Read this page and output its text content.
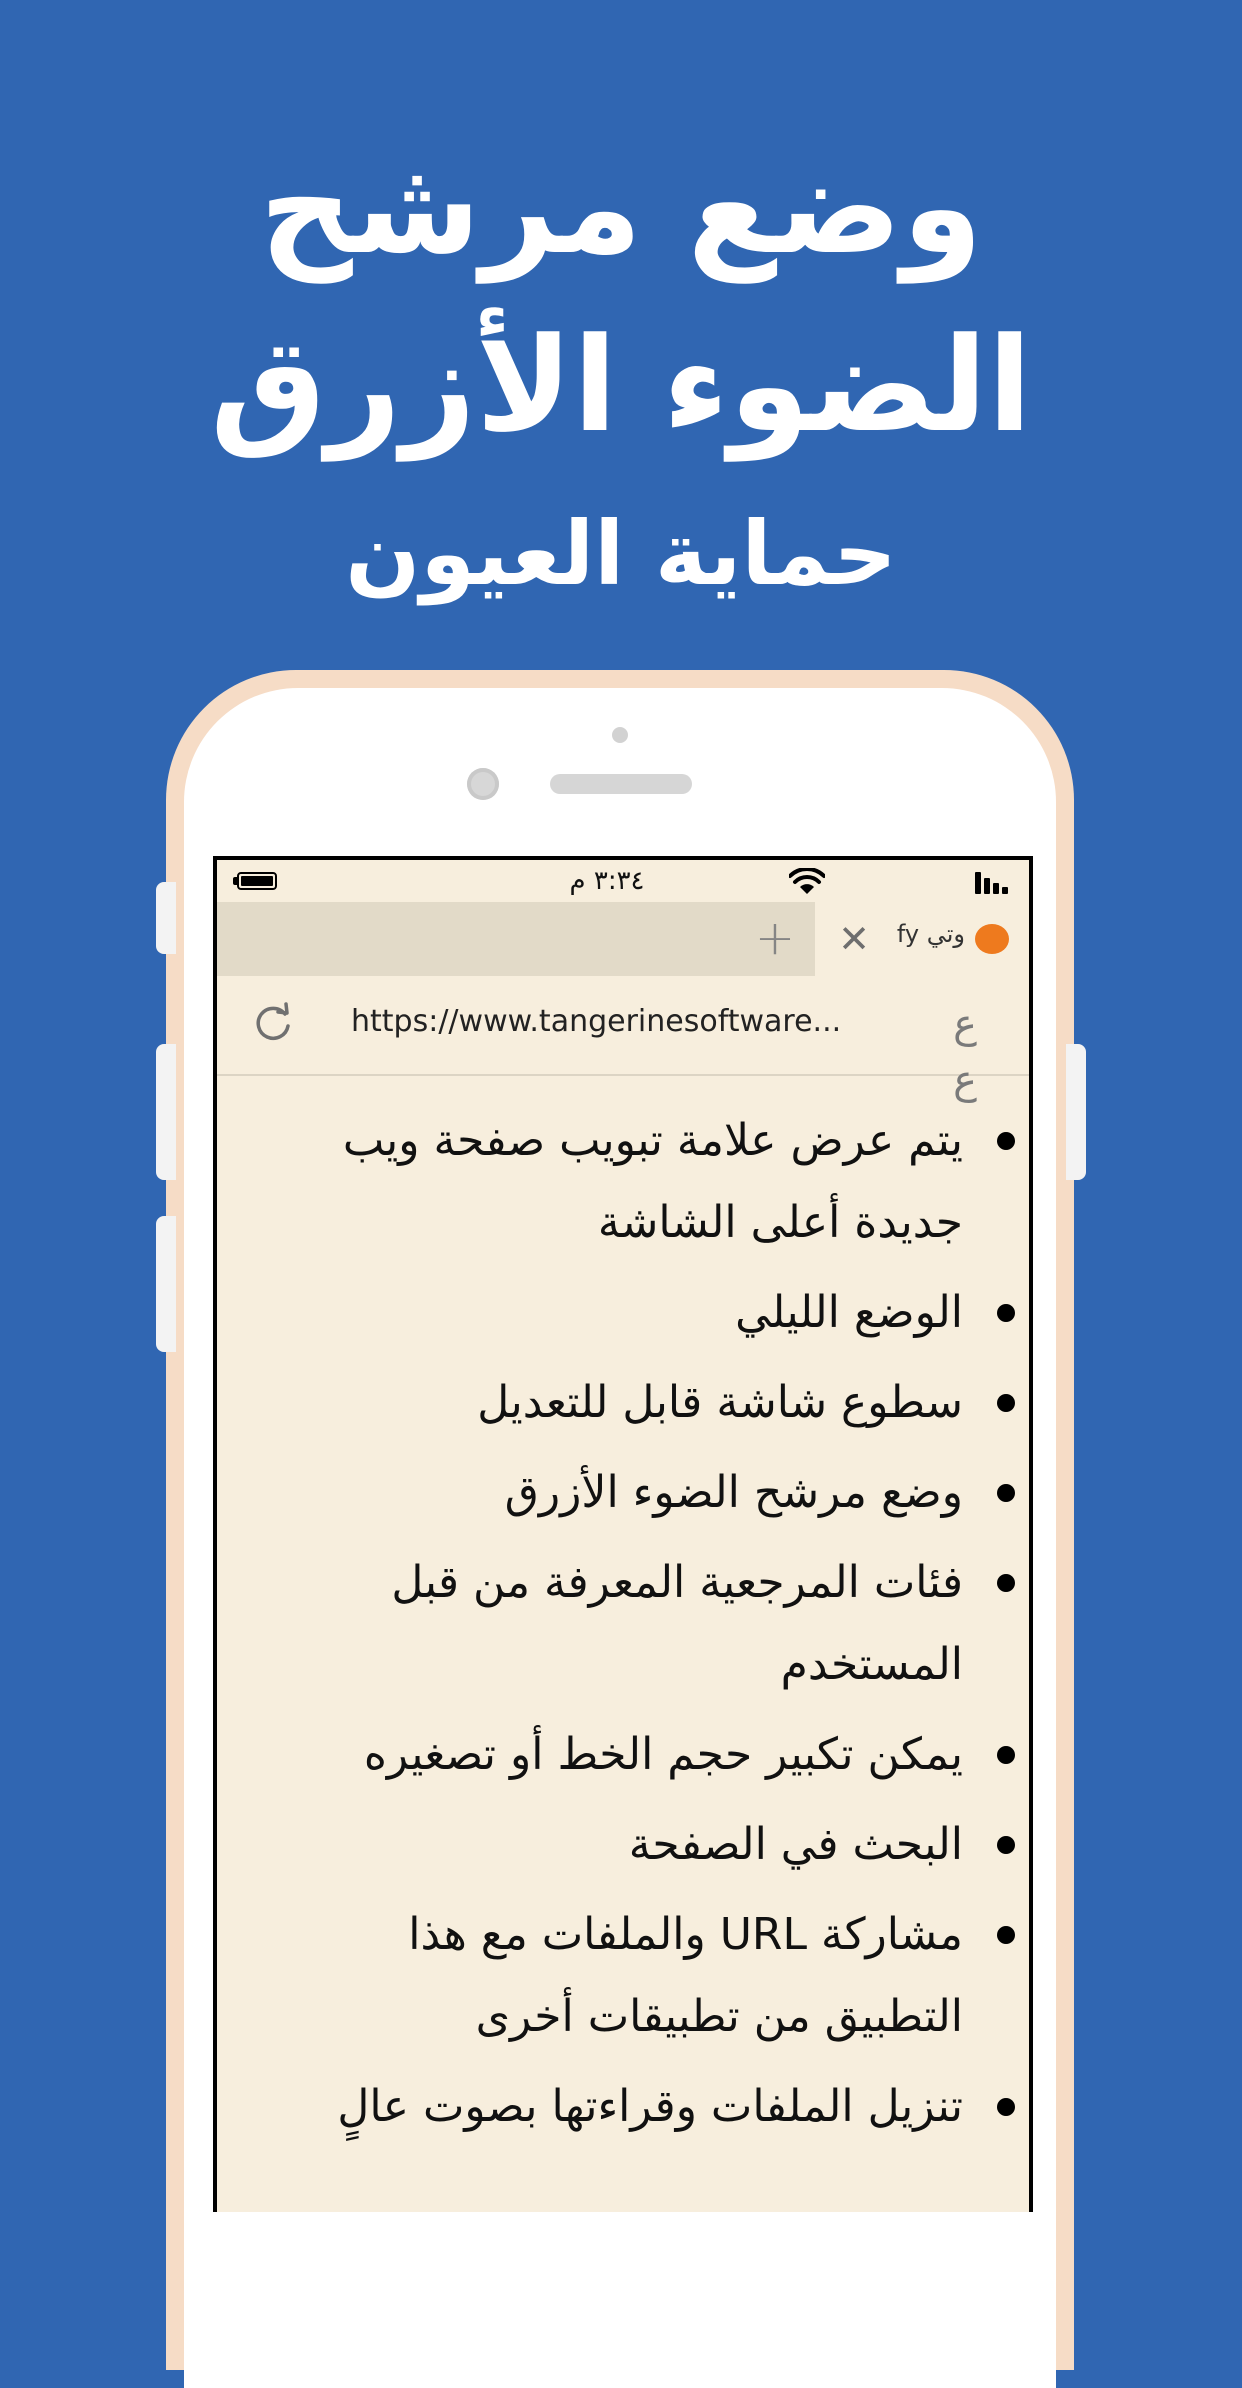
وضع مرشح
الضوء الأزرق
حماية العيون
٣:٣٤ م
+ ✕	ﻭﺗﻲ fy
https://www.tangerinesoftware...	ع ع
يتم عرض علامة تبويب صفحة ويب جديدة أعلى الشاشة
الوضع الليلي
سطوع شاشة قابل للتعديل
وضع مرشح الضوء الأزرق
فئات المرجعية المعرفة من قبل المستخدم
يمكن تكبير حجم الخط أو تصغيره
البحث في الصفحة
مشاركة URL والملفات مع هذا التطبيق من تطبيقات أخرى
تنزيل الملفات وقراءتها بصوت عالٍ
